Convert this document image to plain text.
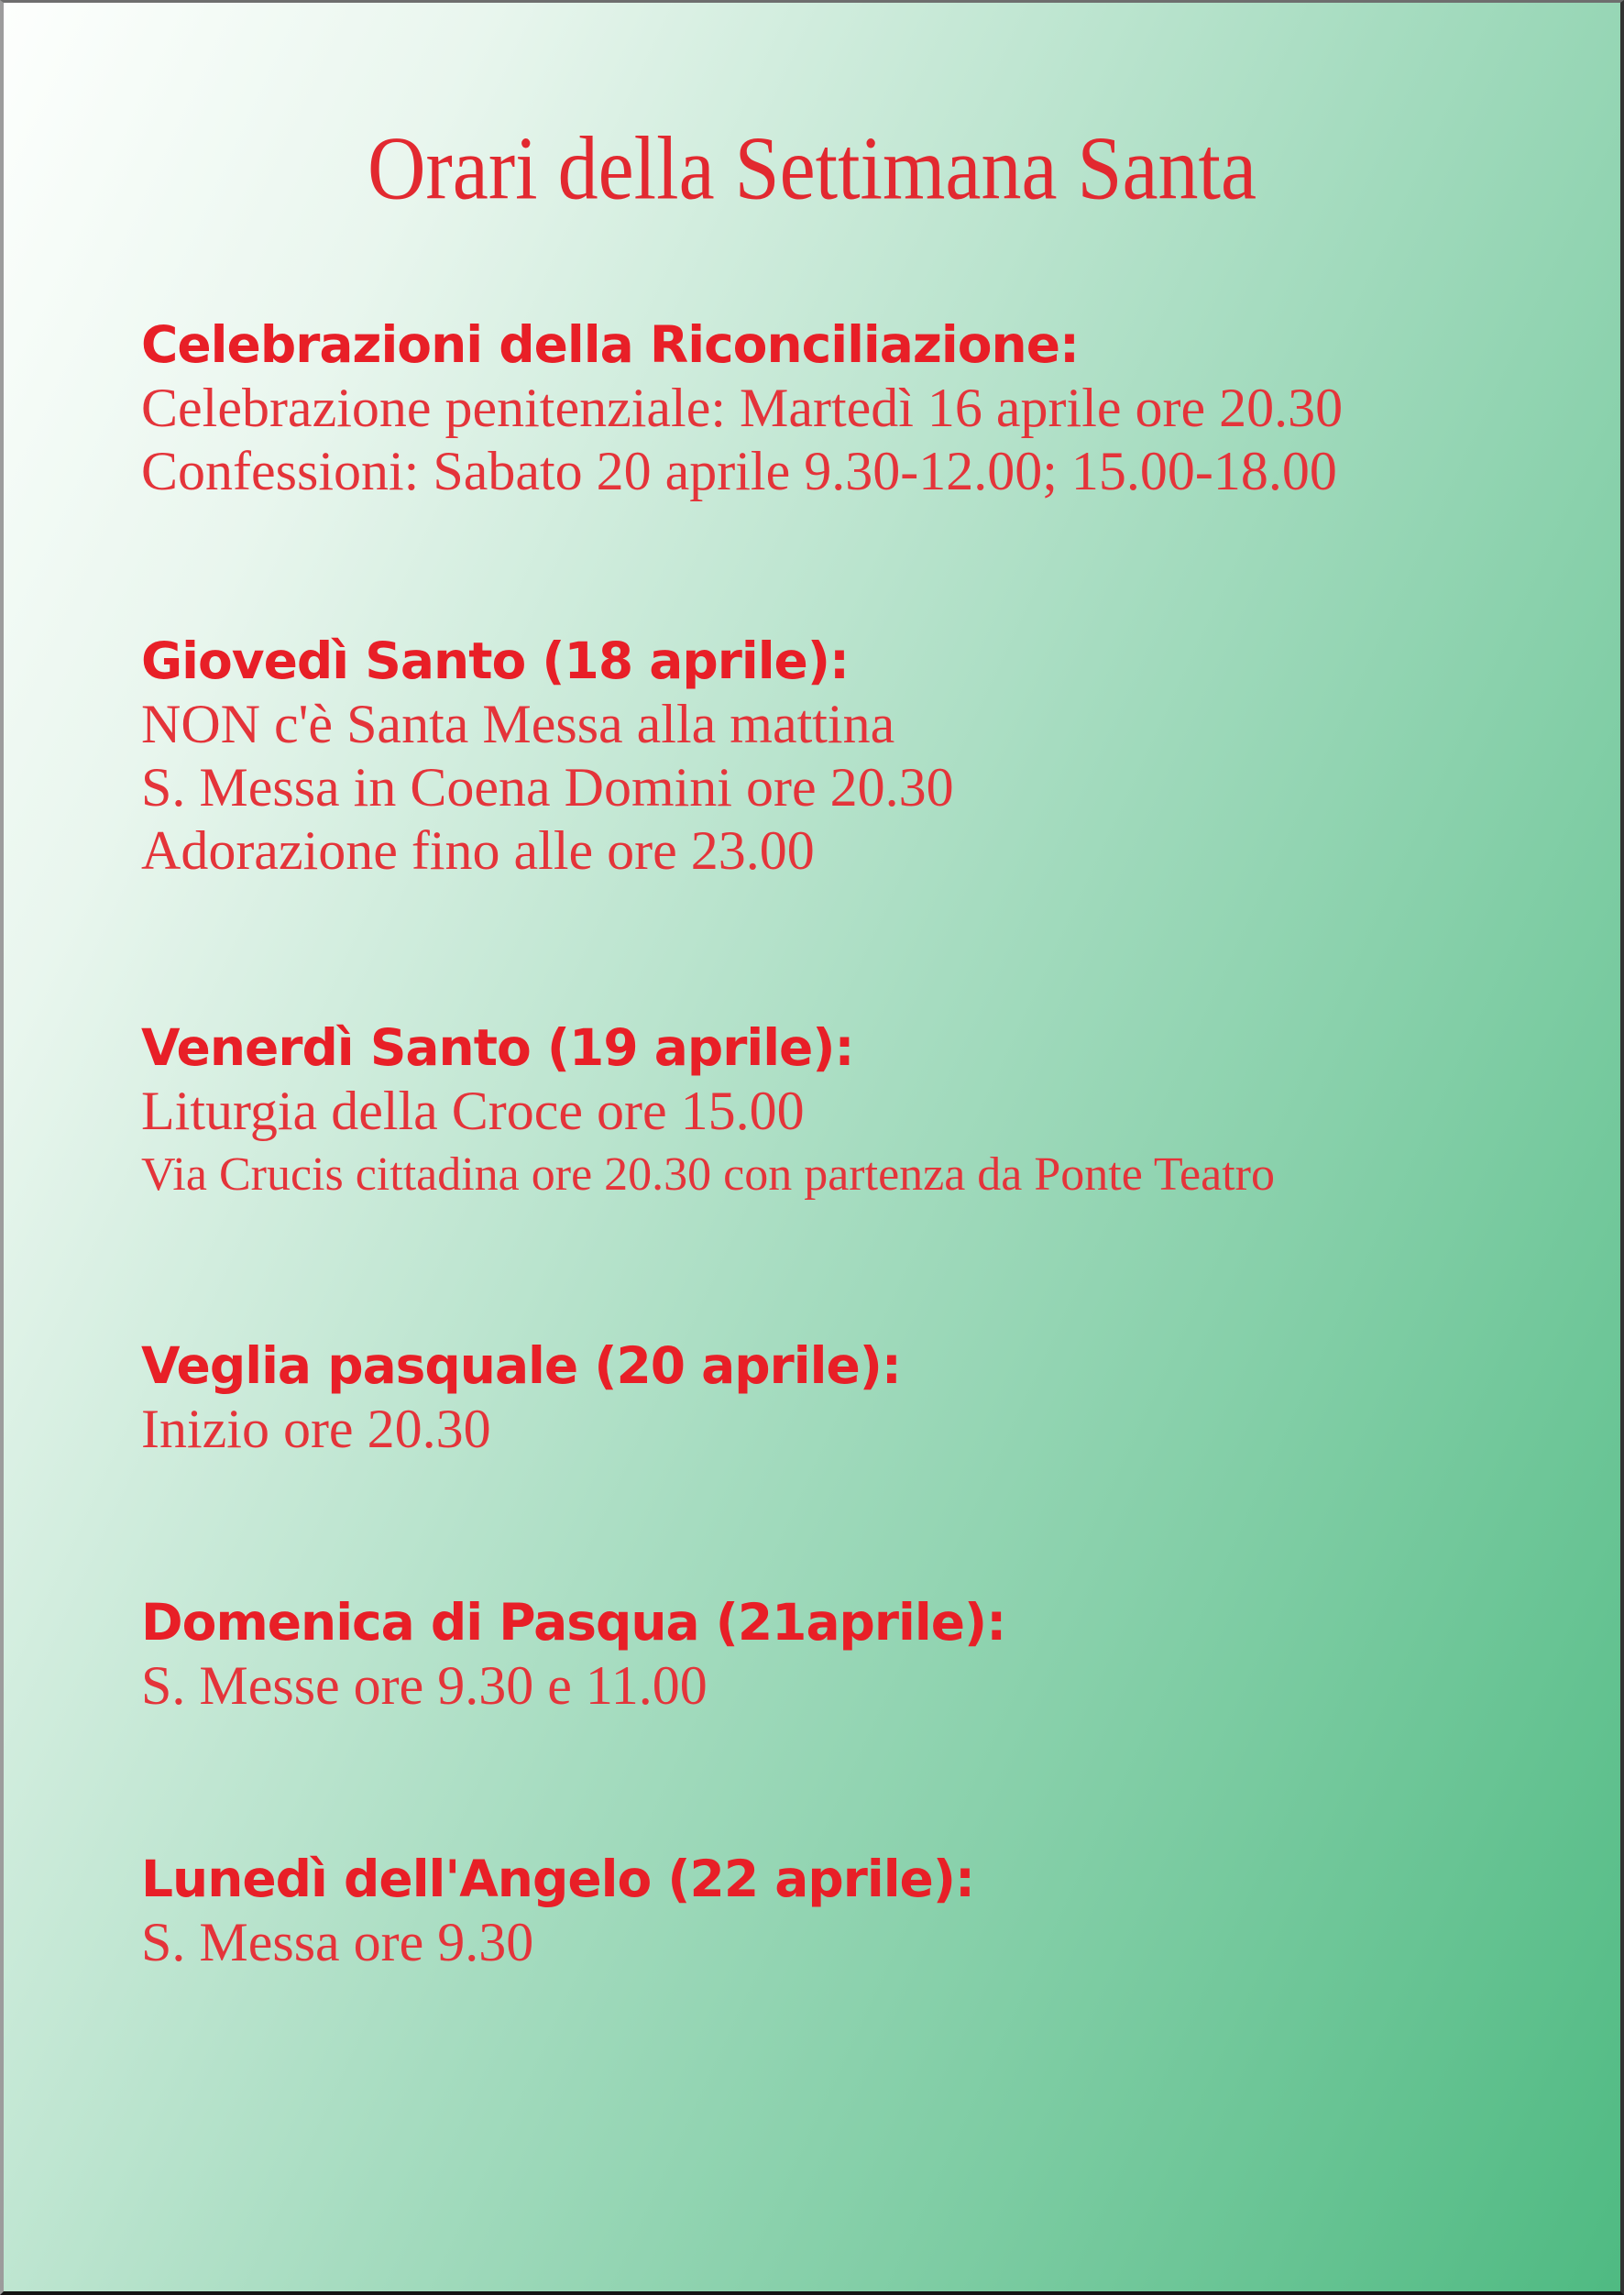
Orari della Settimana Santa
Celebrazioni della Riconciliazione:

Celebrazione penitenziale: Martedì 16 aprile ore 20.30

Confessioni: Sabato 20 aprile 9.30-12.00; 15.00-18.00

Giovedì Santo (18 aprile):

NON c'è Santa Messa alla mattina

S. Messa in Coena Domini ore 20.30

Adorazione fino alle ore 23.00

Venerdì Santo (19 aprile):

Liturgia della Croce ore 15.00

Via Crucis cittadina ore 20.30 con partenza da Ponte Teatro

Veglia pasquale (20 aprile):

Inizio ore 20.30

Domenica di Pasqua (21aprile):

S. Messe ore 9.30 e 11.00

Lunedì dell'Angelo (22 aprile):

S. Messa ore 9.30
